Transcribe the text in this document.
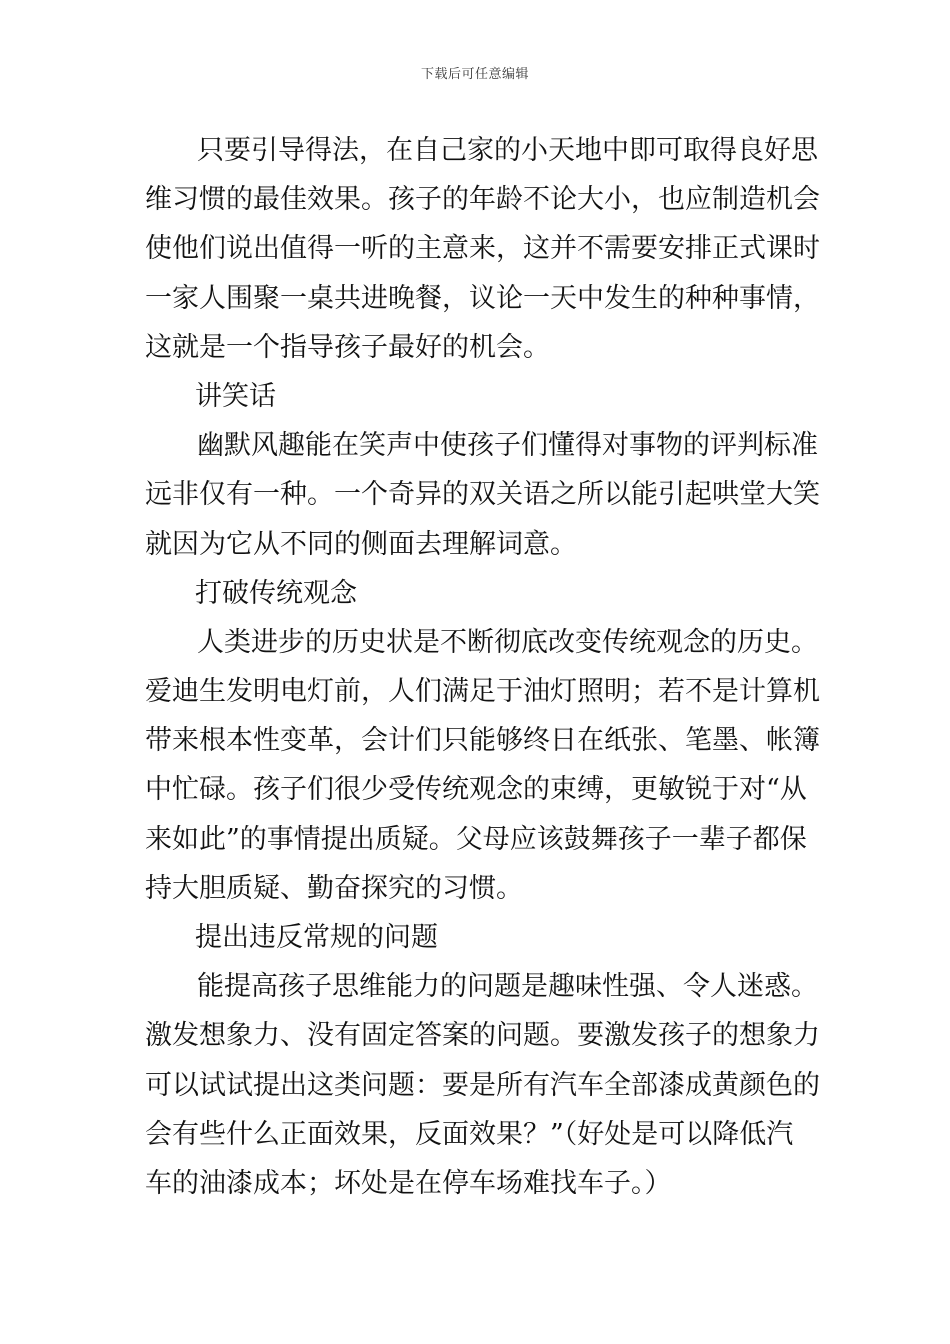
下载后可任意编辑
只要引导得法，在自己家的小天地中即可取得良好思
维习惯的最佳效果。孩子的年龄不论大小，也应制造机会
使他们说出值得一听的主意来，这并不需要安排正式课时
一家人围聚一桌共进晚餐，议论一天中发生的种种事情，
这就是一个指导孩子最好的机会。
讲笑话
幽默风趣能在笑声中使孩子们懂得对事物的评判标准
远非仅有一种。一个奇异的双关语之所以能引起哄堂大笑
就因为它从不同的侧面去理解词意。
打破传统观念
人类进步的历史状是不断彻底改变传统观念的历史。
爱迪生发明电灯前，人们满足于油灯照明；若不是计算机
带来根本性变革，会计们只能够终日在纸张、笔墨、帐簿
中忙碌。孩子们很少受传统观念的束缚，更敏锐于对“从
来如此”的事情提出质疑。父母应该鼓舞孩子一辈子都保
持大胆质疑、勤奋探究的习惯。
提出违反常规的问题
能提高孩子思维能力的问题是趣味性强、令人迷惑。
激发想象力、没有固定答案的问题。要激发孩子的想象力
可以试试提出这类问题：要是所有汽车全部漆成黄颜色的
会有些什么正面效果，反面效果？”（好处是可以降低汽
车的油漆成本；坏处是在停车场难找车子。）
